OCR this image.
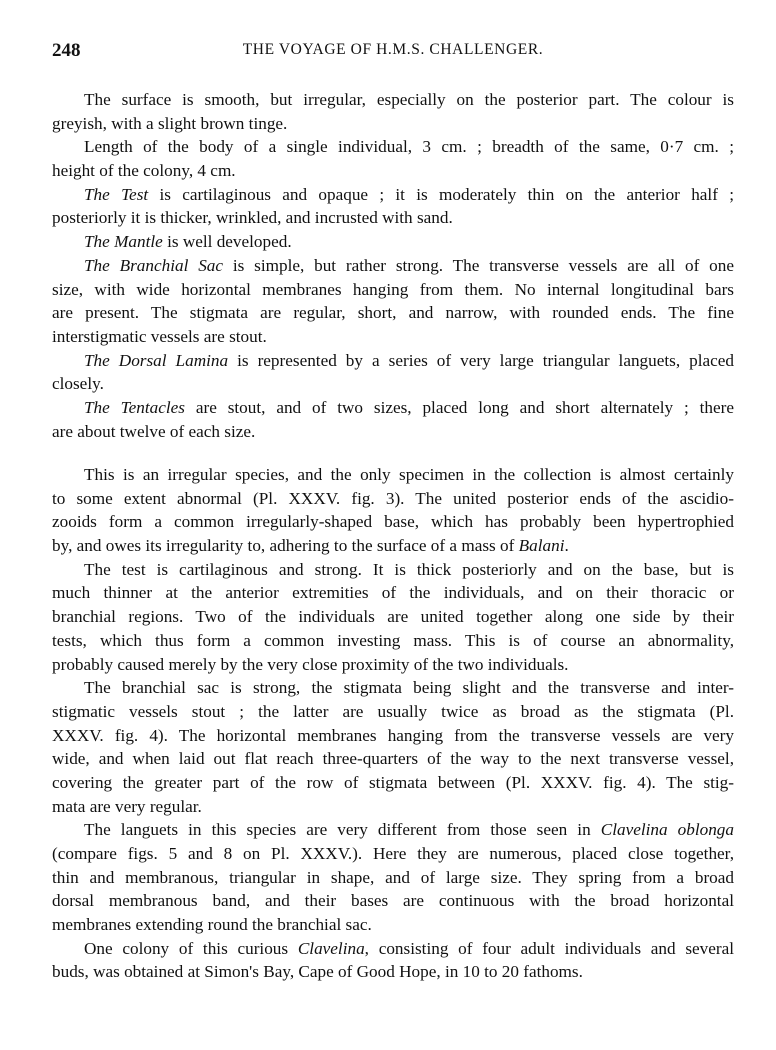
248	THE VOYAGE OF H.M.S. CHALLENGER.
The surface is smooth, but irregular, especially on the posterior part. The colour is
greyish, with a slight brown tinge.
Length of the body of a single individual, 3 cm. ; breadth of the same, 0·7 cm. ;
height of the colony, 4 cm.
The Test is cartilaginous and opaque ; it is moderately thin on the anterior half ;
posteriorly it is thicker, wrinkled, and incrusted with sand.
The Mantle is well developed.
The Branchial Sac is simple, but rather strong. The transverse vessels are all of one
size, with wide horizontal membranes hanging from them. No internal longitudinal bars
are present. The stigmata are regular, short, and narrow, with rounded ends. The fine
interstigmatic vessels are stout.
The Dorsal Lamina is represented by a series of very large triangular languets, placed
closely.
The Tentacles are stout, and of two sizes, placed long and short alternately ; there
are about twelve of each size.
This is an irregular species, and the only specimen in the collection is almost certainly
to some extent abnormal (Pl. XXXV. fig. 3). The united posterior ends of the ascidio-
zooids form a common irregularly-shaped base, which has probably been hypertrophied
by, and owes its irregularity to, adhering to the surface of a mass of Balani.
The test is cartilaginous and strong. It is thick posteriorly and on the base, but is
much thinner at the anterior extremities of the individuals, and on their thoracic or
branchial regions. Two of the individuals are united together along one side by their
tests, which thus form a common investing mass. This is of course an abnormality,
probably caused merely by the very close proximity of the two individuals.
The branchial sac is strong, the stigmata being slight and the transverse and inter-
stigmatic vessels stout ; the latter are usually twice as broad as the stigmata (Pl.
XXXV. fig. 4). The horizontal membranes hanging from the transverse vessels are very
wide, and when laid out flat reach three-quarters of the way to the next transverse vessel,
covering the greater part of the row of stigmata between (Pl. XXXV. fig. 4). The stig-
mata are very regular.
The languets in this species are very different from those seen in Clavelina oblonga
(compare figs. 5 and 8 on Pl. XXXV.). Here they are numerous, placed close together,
thin and membranous, triangular in shape, and of large size. They spring from a broad
dorsal membranous band, and their bases are continuous with the broad horizontal
membranes extending round the branchial sac.
One colony of this curious Clavelina, consisting of four adult individuals and several
buds, was obtained at Simon's Bay, Cape of Good Hope, in 10 to 20 fathoms.
